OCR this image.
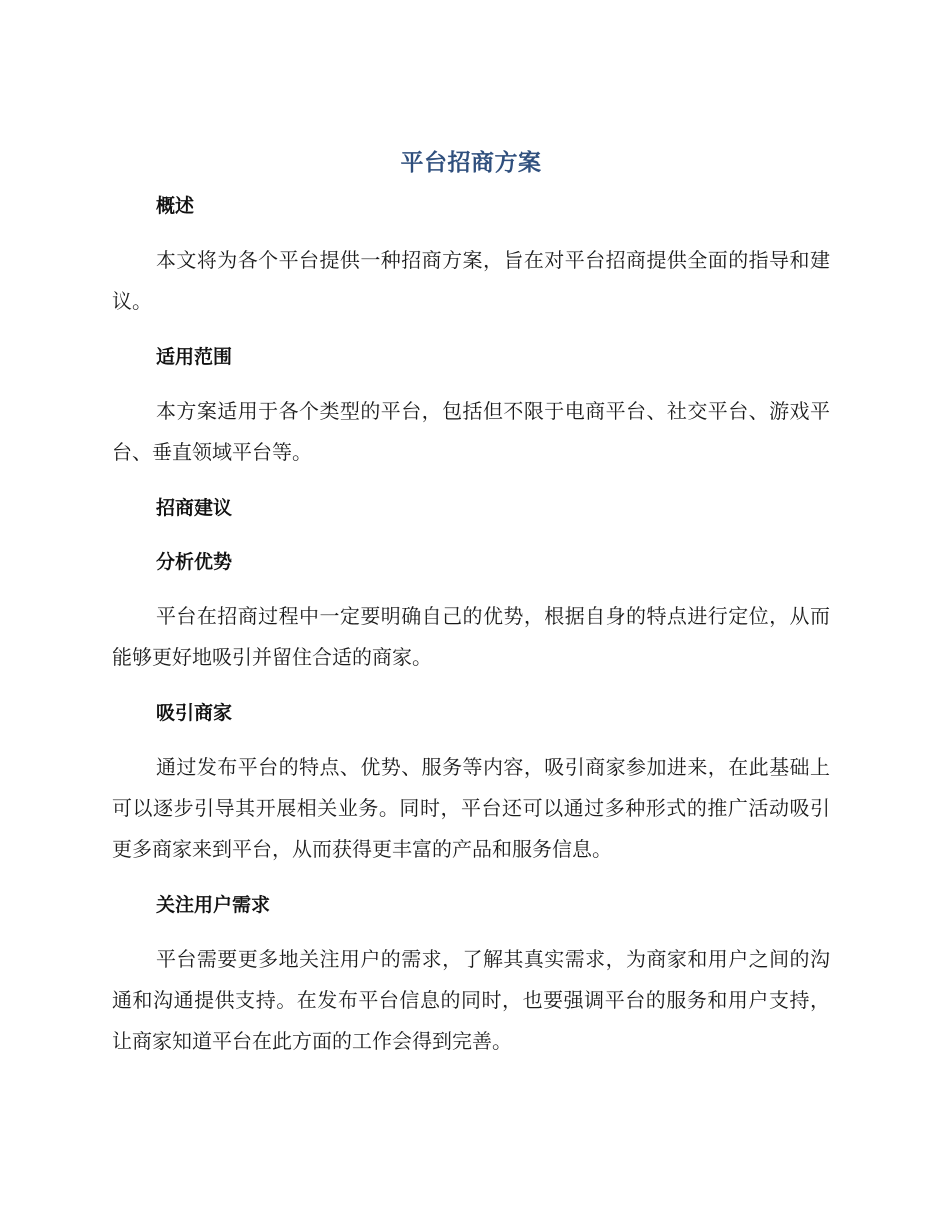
平台招商方案
概述

本文将为各个平台提供一种招商方案，旨在对平台招商提供全面的指导和建议。

适用范围

本方案适用于各个类型的平台，包括但不限于电商平台、社交平台、游戏平台、垂直领域平台等。

招商建议
分析优势

平台在招商过程中一定要明确自己的优势，根据自身的特点进行定位，从而能够更好地吸引并留住合适的商家。

吸引商家

通过发布平台的特点、优势、服务等内容，吸引商家参加进来，在此基础上可以逐步引导其开展相关业务。同时，平台还可以通过多种形式的推广活动吸引更多商家来到平台，从而获得更丰富的产品和服务信息。

关注用户需求

平台需要更多地关注用户的需求，了解其真实需求，为商家和用户之间的沟通和沟通提供支持。在发布平台信息的同时，也要强调平台的服务和用户支持，让商家知道平台在此方面的工作会得到完善。
